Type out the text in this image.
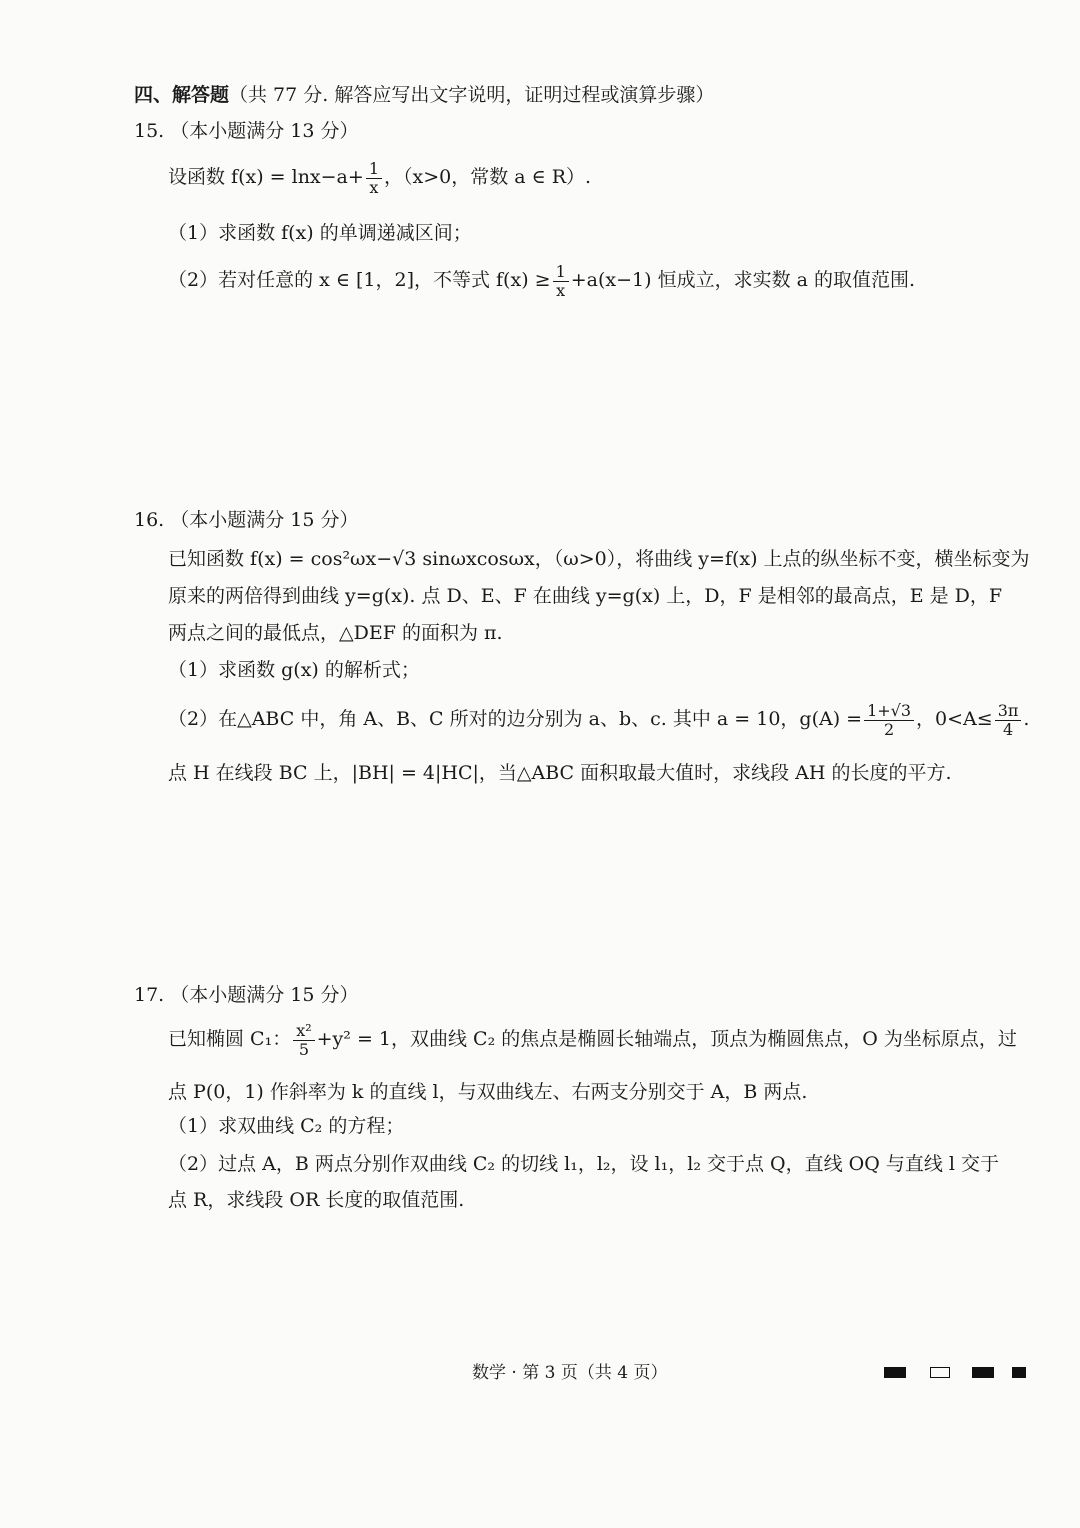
四、解答题（共 77 分. 解答应写出文字说明，证明过程或演算步骤）
15. （本小题满分 13 分）
设函数 $f(x) = \ln x-a+ \frac{1}{x}$ ，（x>0，常数 a ∈ R）.
（1）求函数 f(x) 的单调递减区间；
（2）若对任意的 x ∈ [1，2]，不等式 $f(x) \ge \frac{1}{x} +a(x-1)$ 恒成立，求实数 a 的取值范围.
16. （本小题满分 15 分）
已知函数 f(x) = cos²ωx−√3 sinωxcosωx，（ω>0），将曲线 y=f(x) 上点的纵坐标不变，横坐标变为
原来的两倍得到曲线 y=g(x). 点 D、E、F 在曲线 y=g(x) 上，D，F 是相邻的最高点，E 是 D，F
两点之间的最低点，△DEF 的面积为 π.
（1）求函数 g(x) 的解析式；
（2）在△ABC 中，角 A、B、C 所对的边分别为 a、b、c. 其中 a = 10，$g(A) = \frac{1+√3}{2}$ ，$0<A\le \frac{3\pi}{4}$ .
点 H 在线段 BC 上，|BH| = 4|HC|，当△ABC 面积取最大值时，求线段 AH 的长度的平方.
17. （本小题满分 15 分）
已知椭圆 C₁： $\frac{\text{x²}}{5} +y^2 = 1$，双曲线 C₂ 的焦点是椭圆长轴端点，顶点为椭圆焦点，O 为坐标原点，过
点 P(0，1) 作斜率为 k 的直线 l，与双曲线左、右两支分别交于 A，B 两点.
（1）求双曲线 C₂ 的方程；
（2）过点 A，B 两点分别作双曲线 C₂ 的切线 l₁，l₂，设 l₁，l₂ 交于点 Q，直线 OQ 与直线 l 交于
点 R，求线段 OR 长度的取值范围.
数学 · 第 3 页（共 4 页）
